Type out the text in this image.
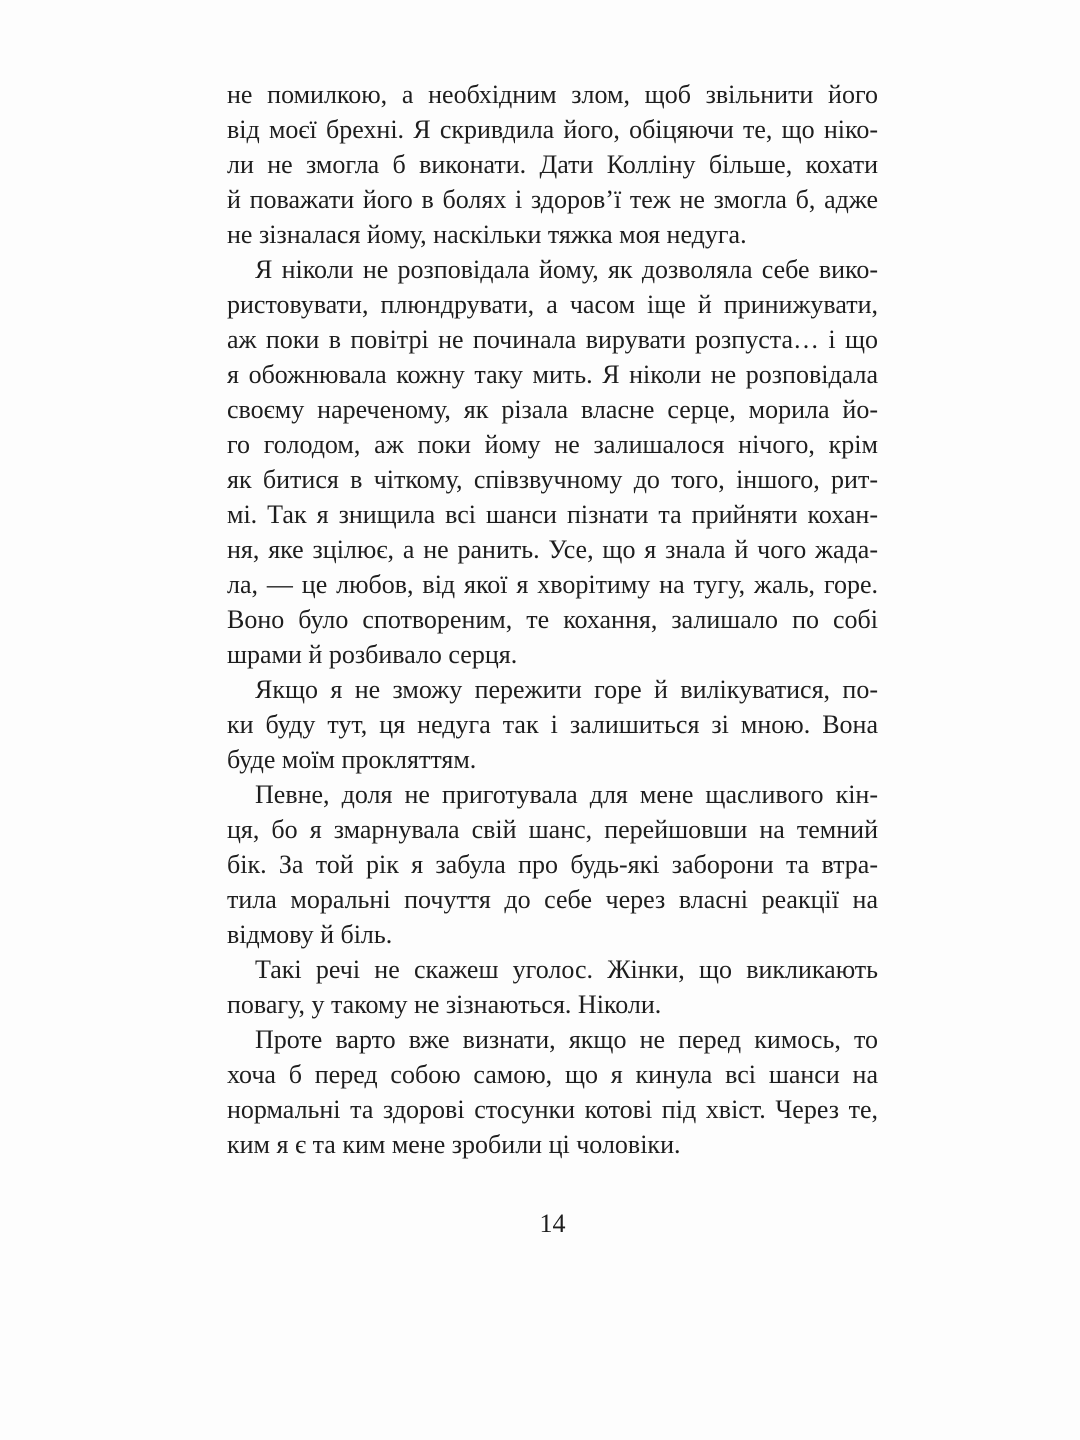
не помилкою, а необхідним злом, щоб звільнити його
від моєї брехні. Я скривдила його, обіцяючи те, що ніко-
ли не змогла б виконати. Дати Колліну більше, кохати
й поважати його в болях і здоров’ї теж не змогла б, адже
не зізналася йому, наскільки тяжка моя недуга.

Я ніколи не розповідала йому, як дозволяла себе вико-
ристовувати, плюндрувати, а часом іще й принижувати,
аж поки в повітрі не починала вирувати розпуста… і що
я обожнювала кожну таку мить. Я ніколи не розповідала
своєму нареченому, як різала власне серце, морила йо-
го голодом, аж поки йому не залишалося нічого, крім
як битися в чіткому, співзвучному до того, іншого, рит-
мі. Так я знищила всі шанси пізнати та прийняти кохан-
ня, яке зцілює, а не ранить. Усе, що я знала й чого жада-
ла, — це любов, від якої я хворітиму на тугу, жаль, горе.
Воно було спотвореним, те кохання, залишало по собі
шрами й розбивало серця.

Якщо я не зможу пережити горе й вилікуватися, по-
ки буду тут, ця недуга так і залишиться зі мною. Вона
буде моїм прокляттям.

Певне, доля не приготувала для мене щасливого кін-
ця, бо я змарнувала свій шанс, перейшовши на темний
бік. За той рік я забула про будь-які заборони та втра-
тила моральні почуття до себе через власні реакції на
відмову й біль.

Такі речі не скажеш уголос. Жінки, що викликають
повагу, у такому не зізнаються. Ніколи.

Проте варто вже визнати, якщо не перед кимось, то
хоча б перед собою самою, що я кинула всі шанси на
нормальні та здорові стосунки котові під хвіст. Через те,
ким я є та ким мене зробили ці чоловіки.

14
